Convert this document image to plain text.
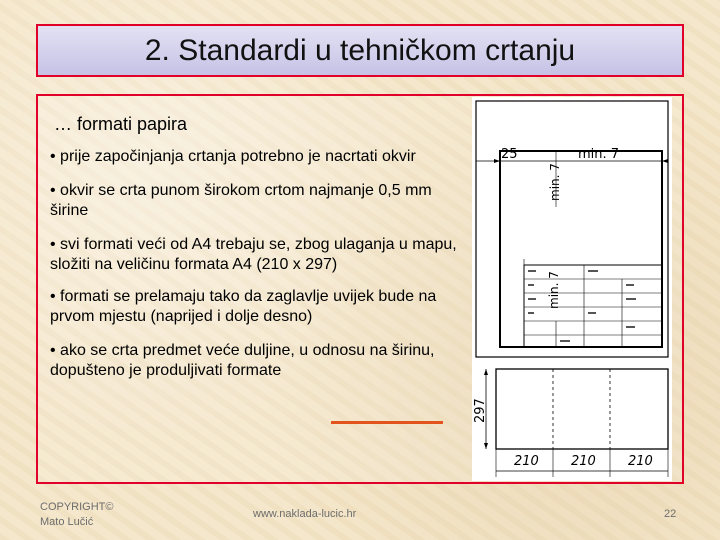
2. Standardi u tehničkom crtanju
… formati papira
• prije započinjanja crtanja potrebno je nacrtati okvir
• okvir se crta punom širokom crtom najmanje 0,5 mm širine
• svi formati veći od A4 trebaju se, zbog ulaganja u mapu, složiti na veličinu formata A4 (210 x 297)
• formati se prelamaju tako da zaglavlje uvijek bude na prvom mjestu (naprijed i dolje desno)
• ako se crta predmet veće duljine, u odnosu na širinu, dopušteno je produljivati formate
25	min. 7
min. 7
min. 7
297
210 210 210
COPYRIGHT©
Mato Lučić
www.naklada-lucic.hr	22
